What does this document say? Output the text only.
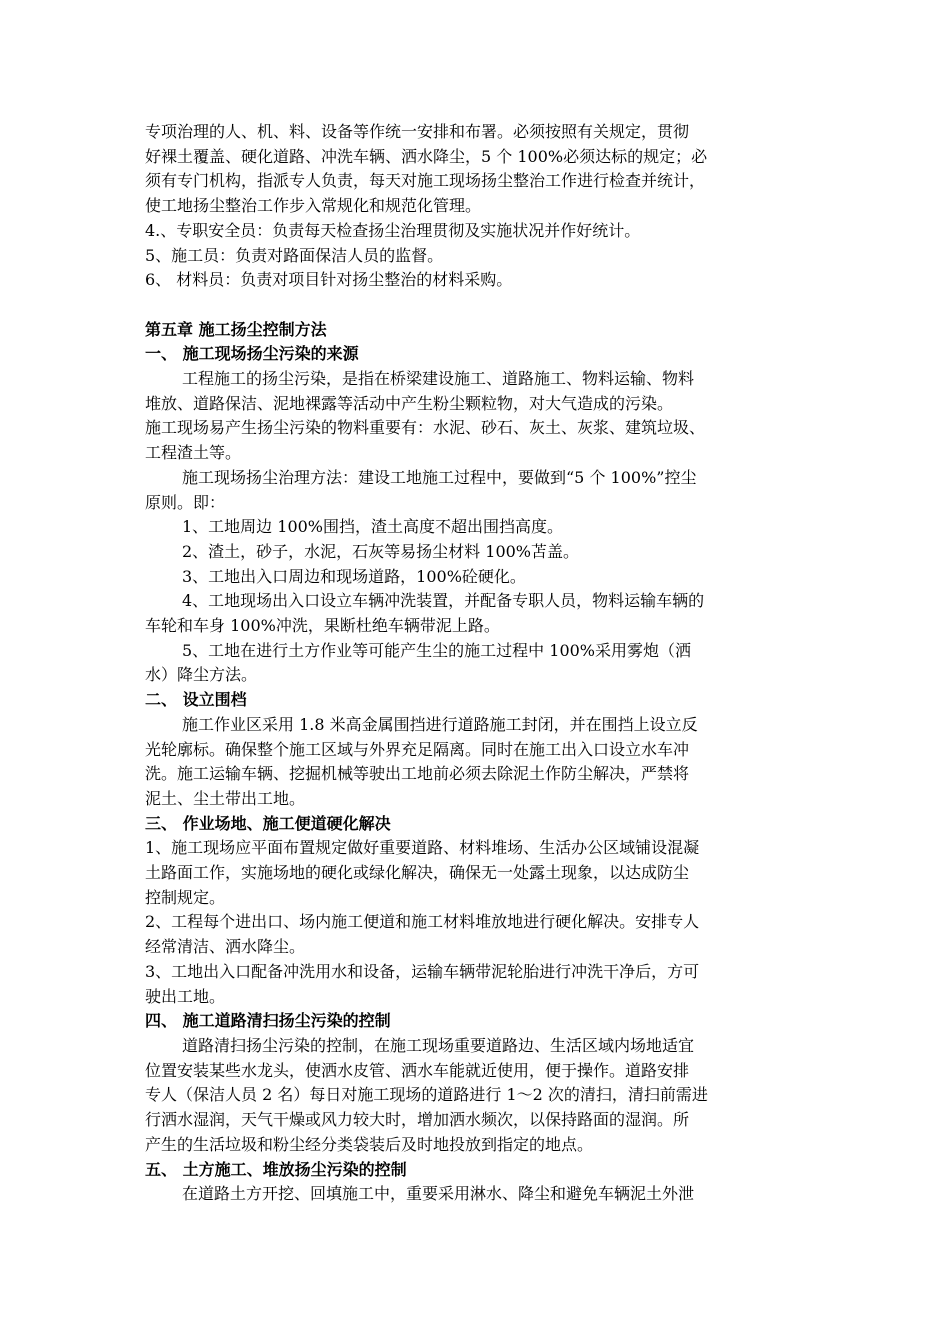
专项治理的人、机、料、设备等作统一安排和布署。必须按照有关规定，贯彻
好裸土覆盖、硬化道路、冲洗车辆、洒水降尘，5 个 100%必须达标的规定；必
须有专门机构，指派专人负责，每天对施工现场扬尘整治工作进行检查并统计，
使工地扬尘整治工作步入常规化和规范化管理。
4.、专职安全员：负责每天检查扬尘治理贯彻及实施状况并作好统计。
5、施工员：负责对路面保洁人员的监督。
6、 材料员：负责对项目针对扬尘整治的材料采购。
第五章 施工扬尘控制方法
一、 施工现场扬尘污染的来源
工程施工的扬尘污染，是指在桥梁建设施工、道路施工、物料运输、物料
堆放、道路保洁、泥地裸露等活动中产生粉尘颗粒物，对大气造成的污染。
施工现场易产生扬尘污染的物料重要有：水泥、砂石、灰土、灰浆、建筑垃圾、
工程渣土等。
施工现场扬尘治理方法：建设工地施工过程中，要做到“5 个 100%”控尘
原则。即：
1、工地周边 100%围挡，渣土高度不超出围挡高度。
2、渣土，砂子，水泥，石灰等易扬尘材料 100%苫盖。
3、工地出入口周边和现场道路，100%砼硬化。
4、工地现场出入口设立车辆冲洗装置，并配备专职人员，物料运输车辆的
车轮和车身 100%冲洗，果断杜绝车辆带泥上路。
5、工地在进行土方作业等可能产生尘的施工过程中 100%采用雾炮（洒
水）降尘方法。
二、 设立围档
施工作业区采用 1.8 米高金属围挡进行道路施工封闭，并在围挡上设立反
光轮廓标。确保整个施工区域与外界充足隔离。同时在施工出入口设立水车冲
洗。施工运输车辆、挖掘机械等驶出工地前必须去除泥土作防尘解决，严禁将
泥土、尘土带出工地。
三、 作业场地、施工便道硬化解决
1、施工现场应平面布置规定做好重要道路、材料堆场、生活办公区域铺设混凝
土路面工作，实施场地的硬化或绿化解决，确保无一处露土现象，以达成防尘
控制规定。
2、工程每个进出口、场内施工便道和施工材料堆放地进行硬化解决。安排专人
经常清洁、洒水降尘。
3、工地出入口配备冲洗用水和设备，运输车辆带泥轮胎进行冲洗干净后，方可
驶出工地。
四、 施工道路清扫扬尘污染的控制
道路清扫扬尘污染的控制，在施工现场重要道路边、生活区域内场地适宜
位置安装某些水龙头，使洒水皮管、洒水车能就近使用，便于操作。道路安排
专人（保洁人员 2 名）每日对施工现场的道路进行 1～2 次的清扫，清扫前需进
行洒水湿润，天气干燥或风力较大时，增加洒水频次，以保持路面的湿润。所
产生的生活垃圾和粉尘经分类袋装后及时地投放到指定的地点。
五、 土方施工、堆放扬尘污染的控制
在道路土方开挖、回填施工中，重要采用淋水、降尘和避免车辆泥土外泄
